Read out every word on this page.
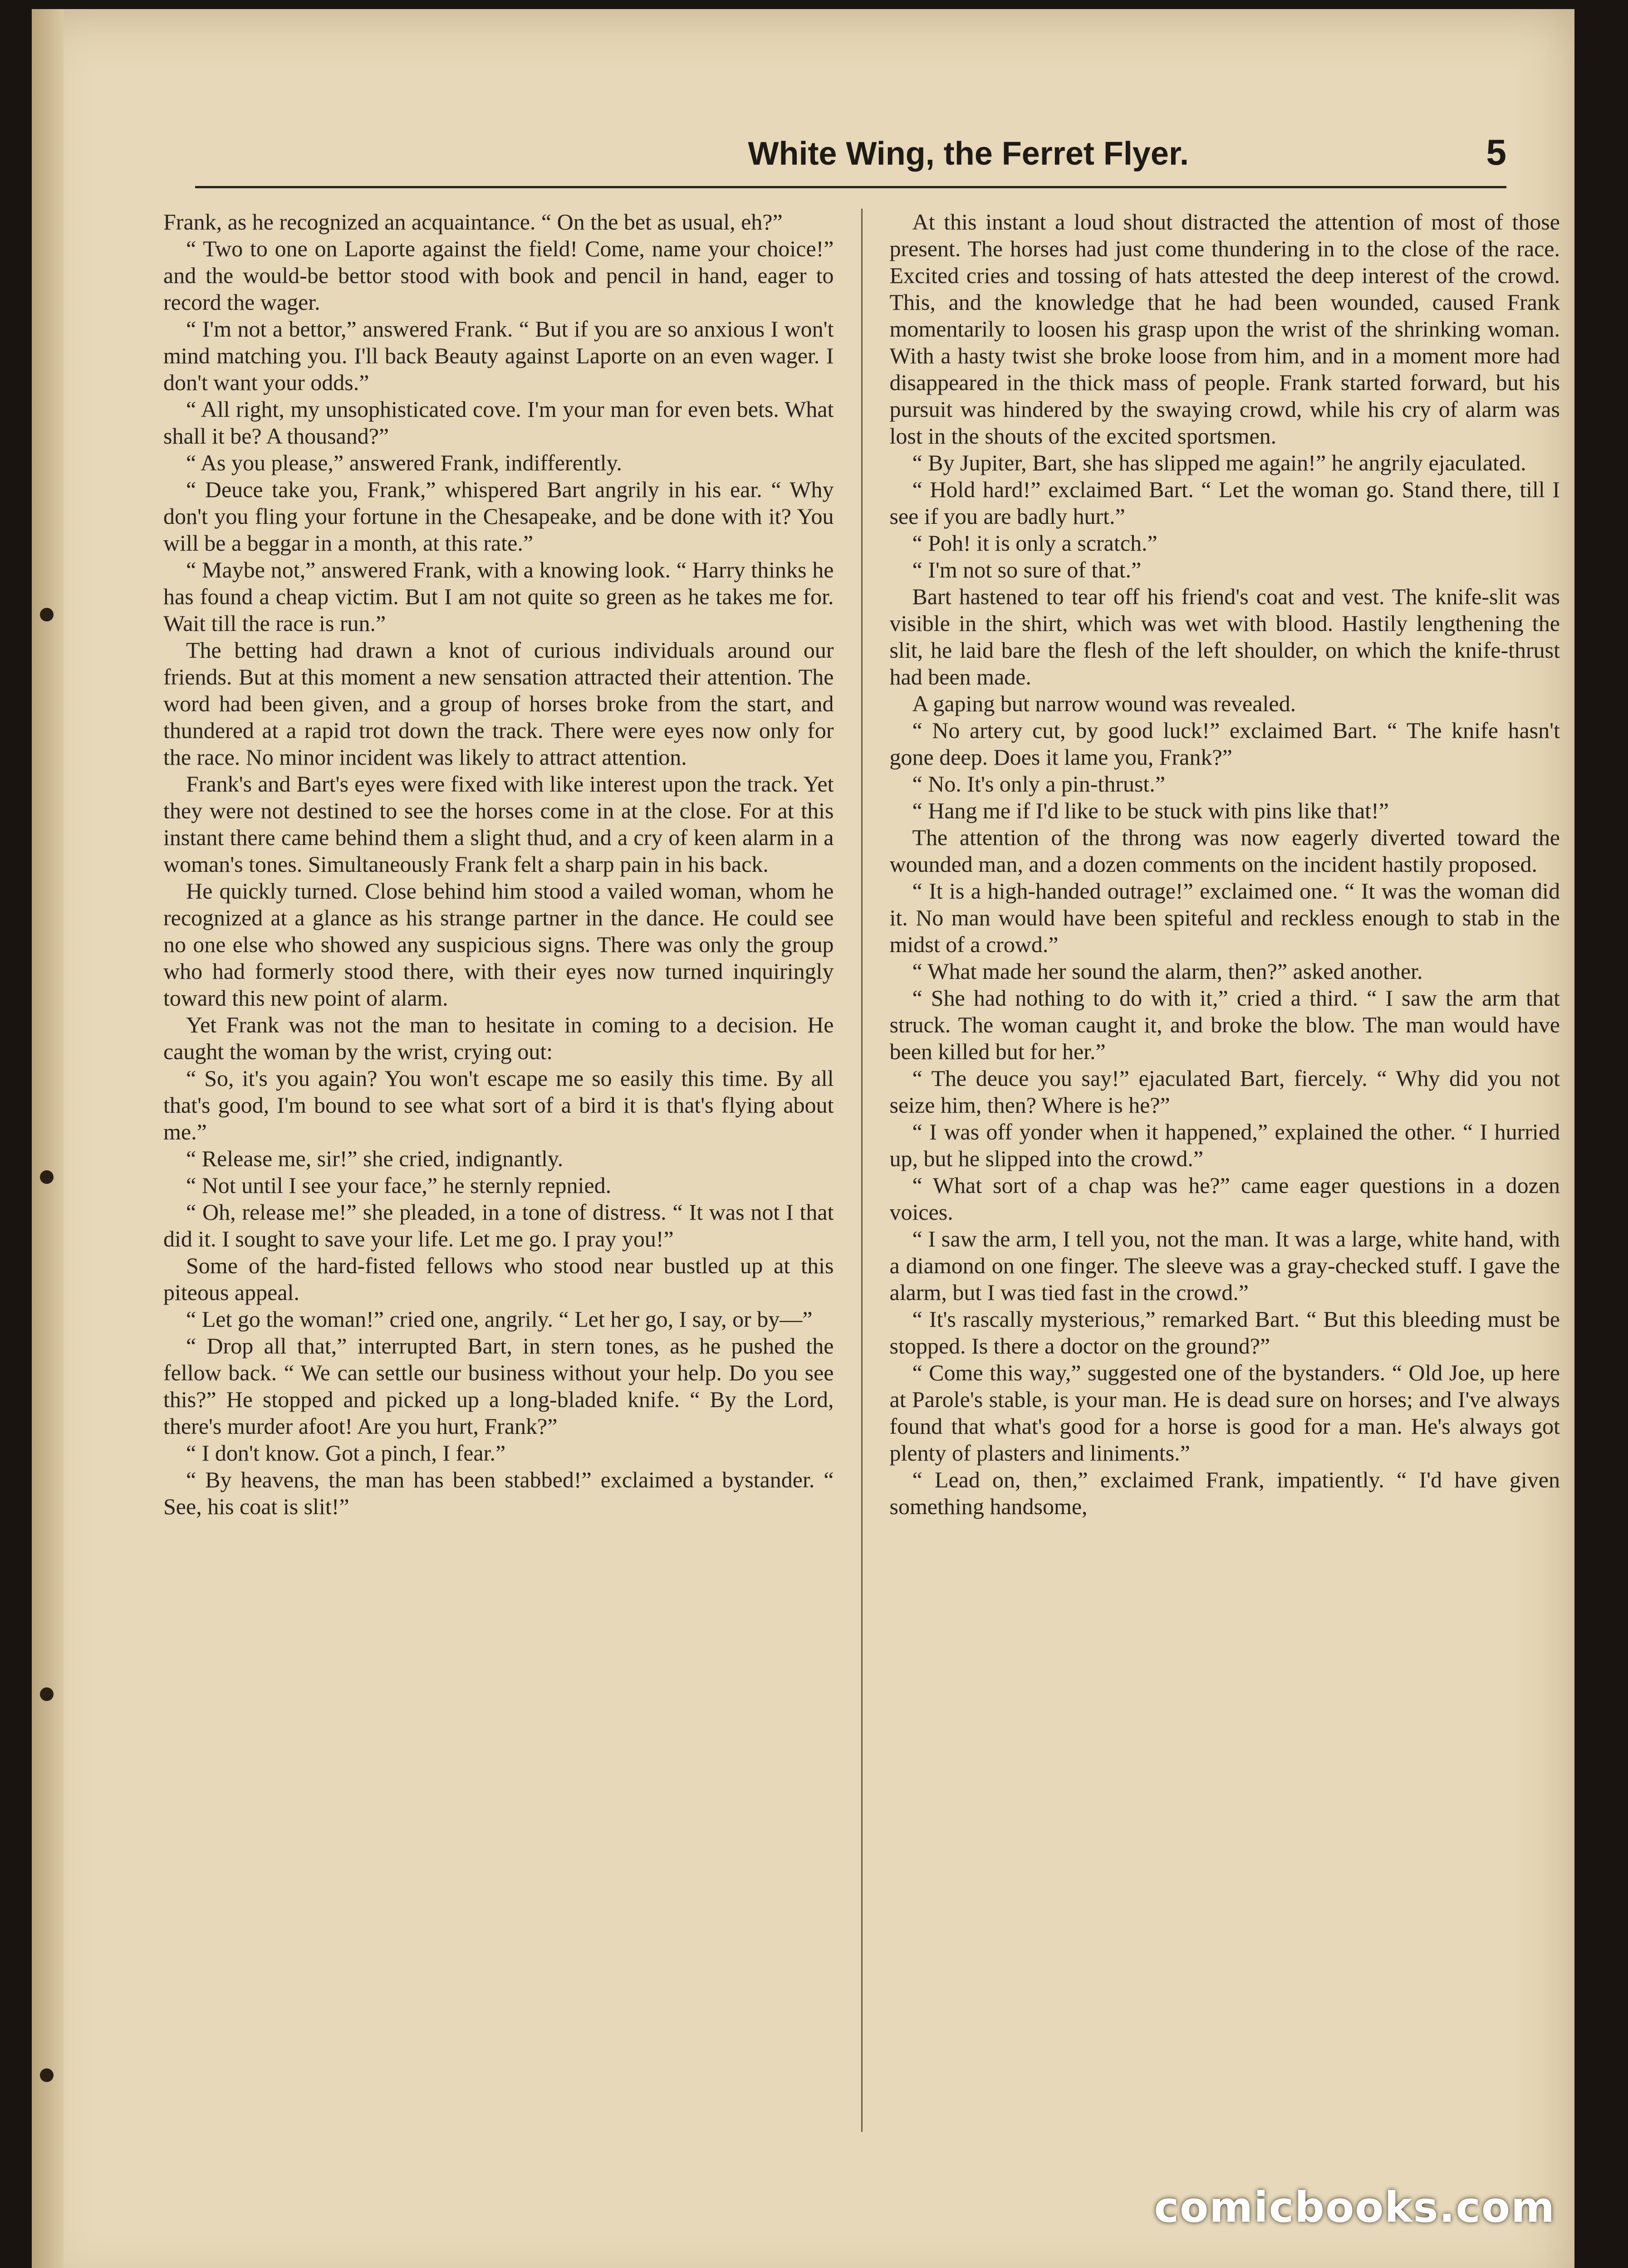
White Wing, the Ferret Flyer.	5

Frank, as he recognized an acquaintance. “ On the bet as usual, eh?”

“ Two to one on Laporte against the field! Come, name your choice!” and the would-be bettor stood with book and pencil in hand, eager to record the wager.

“ I'm not a bettor,” answered Frank. “ But if you are so anxious I won't mind matching you. I'll back Beauty against Laporte on an even wager. I don't want your odds.”

“ All right, my unsophisticated cove. I'm your man for even bets. What shall it be? A thousand?”

“ As you please,” answered Frank, indifferently.

“ Deuce take you, Frank,” whispered Bart angrily in his ear. “ Why don't you fling your fortune in the Chesapeake, and be done with it? You will be a beggar in a month, at this rate.”

“ Maybe not,” answered Frank, with a knowing look. “ Harry thinks he has found a cheap victim. But I am not quite so green as he takes me for. Wait till the race is run.”

The betting had drawn a knot of curious individuals around our friends. But at this moment a new sensation attracted their attention. The word had been given, and a group of horses broke from the start, and thundered at a rapid trot down the track. There were eyes now only for the race. No minor incident was likely to attract attention.

Frank's and Bart's eyes were fixed with like interest upon the track. Yet they were not destined to see the horses come in at the close. For at this instant there came behind them a slight thud, and a cry of keen alarm in a woman's tones. Simultaneously Frank felt a sharp pain in his back.

He quickly turned. Close behind him stood a vailed woman, whom he recognized at a glance as his strange partner in the dance. He could see no one else who showed any suspicious signs. There was only the group who had formerly stood there, with their eyes now turned inquiringly toward this new point of alarm.

Yet Frank was not the man to hesitate in coming to a decision. He caught the woman by the wrist, crying out:

“ So, it's you again? You won't escape me so easily this time. By all that's good, I'm bound to see what sort of a bird it is that's flying about me.”

“ Release me, sir!” she cried, indignantly.

“ Not until I see your face,” he sternly repnied.

“ Oh, release me!” she pleaded, in a tone of distress. “ It was not I that did it. I sought to save your life. Let me go. I pray you!”

Some of the hard-fisted fellows who stood near bustled up at this piteous appeal.

“ Let go the woman!” cried one, angrily. “ Let her go, I say, or by—”

“ Drop all that,” interrupted Bart, in stern tones, as he pushed the fellow back. “ We can settle our business without your help. Do you see this?” He stopped and picked up a long-bladed knife. “ By the Lord, there's murder afoot! Are you hurt, Frank?”

“ I don't know. Got a pinch, I fear.”

“ By heavens, the man has been stabbed!” exclaimed a bystander. “ See, his coat is slit!”

At this instant a loud shout distracted the attention of most of those present. The horses had just come thundering in to the close of the race. Excited cries and tossing of hats attested the deep interest of the crowd. This, and the knowledge that he had been wounded, caused Frank momentarily to loosen his grasp upon the wrist of the shrinking woman. With a hasty twist she broke loose from him, and in a moment more had disappeared in the thick mass of people. Frank started forward, but his pursuit was hindered by the swaying crowd, while his cry of alarm was lost in the shouts of the excited sportsmen.

“ By Jupiter, Bart, she has slipped me again!” he angrily ejaculated.

“ Hold hard!” exclaimed Bart. “ Let the woman go. Stand there, till I see if you are badly hurt.”

“ Poh! it is only a scratch.”

“ I'm not so sure of that.”

Bart hastened to tear off his friend's coat and vest. The knife-slit was visible in the shirt, which was wet with blood. Hastily lengthening the slit, he laid bare the flesh of the left shoulder, on which the knife-thrust had been made.

A gaping but narrow wound was revealed.

“ No artery cut, by good luck!” exclaimed Bart. “ The knife hasn't gone deep. Does it lame you, Frank?”

“ No. It's only a pin-thrust.”

“ Hang me if I'd like to be stuck with pins like that!”

The attention of the throng was now eagerly diverted toward the wounded man, and a dozen comments on the incident hastily proposed.

“ It is a high-handed outrage!” exclaimed one. “ It was the woman did it. No man would have been spiteful and reckless enough to stab in the midst of a crowd.”

“ What made her sound the alarm, then?” asked another.

“ She had nothing to do with it,” cried a third. “ I saw the arm that struck. The woman caught it, and broke the blow. The man would have been killed but for her.”

“ The deuce you say!” ejaculated Bart, fiercely. “ Why did you not seize him, then? Where is he?”

“ I was off yonder when it happened,” explained the other. “ I hurried up, but he slipped into the crowd.”

“ What sort of a chap was he?” came eager questions in a dozen voices.

“ I saw the arm, I tell you, not the man. It was a large, white hand, with a diamond on one finger. The sleeve was a gray-checked stuff. I gave the alarm, but I was tied fast in the crowd.”

“ It's rascally mysterious,” remarked Bart. “ But this bleeding must be stopped. Is there a doctor on the ground?”

“ Come this way,” suggested one of the bystanders. “ Old Joe, up here at Parole's stable, is your man. He is dead sure on horses; and I've always found that what's good for a horse is good for a man. He's always got plenty of plasters and liniments.”

“ Lead on, then,” exclaimed Frank, impatiently. “ I'd have given something handsome,

comicbooks.com
